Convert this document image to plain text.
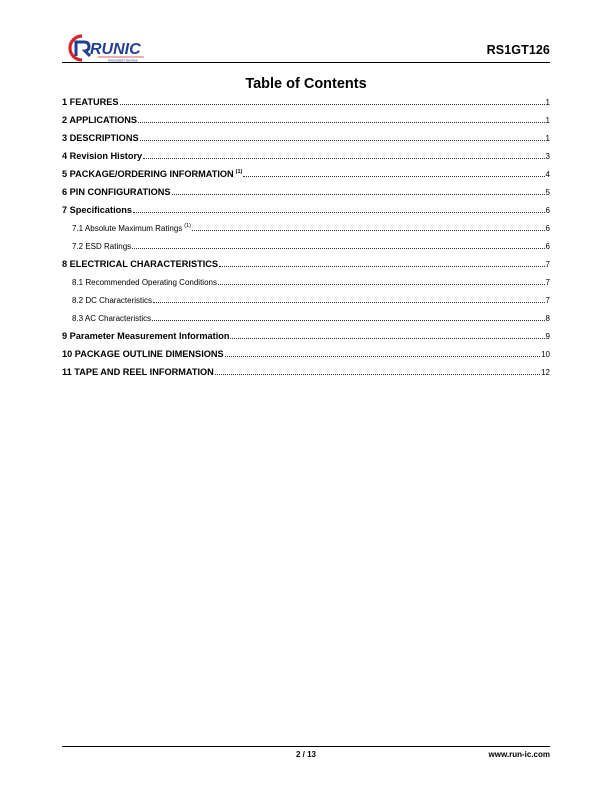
RUNIC
Innovation Service
RS1GT126
Table of Contents
1 FEATURES	1
2 APPLICATIONS	1
3 DESCRIPTIONS	1
4 Revision History	3
5 PACKAGE/ORDERING INFORMATION $^{(1)}$	4
6 PIN CONFIGURATIONS	5
7 Specifications	6
7.1 Absolute Maximum Ratings $^{(1)}$	6
7.2 ESD Ratings	6
8 ELECTRICAL CHARACTERISTICS	7
8.1 Recommended Operating Conditions	7
8.2 DC Characteristics	7
8.3 AC Characteristics	8
9 Parameter Measurement Information	9
10 PACKAGE OUTLINE DIMENSIONS	10
11 TAPE AND REEL INFORMATION	12
2 / 13	www.run-ic.com
